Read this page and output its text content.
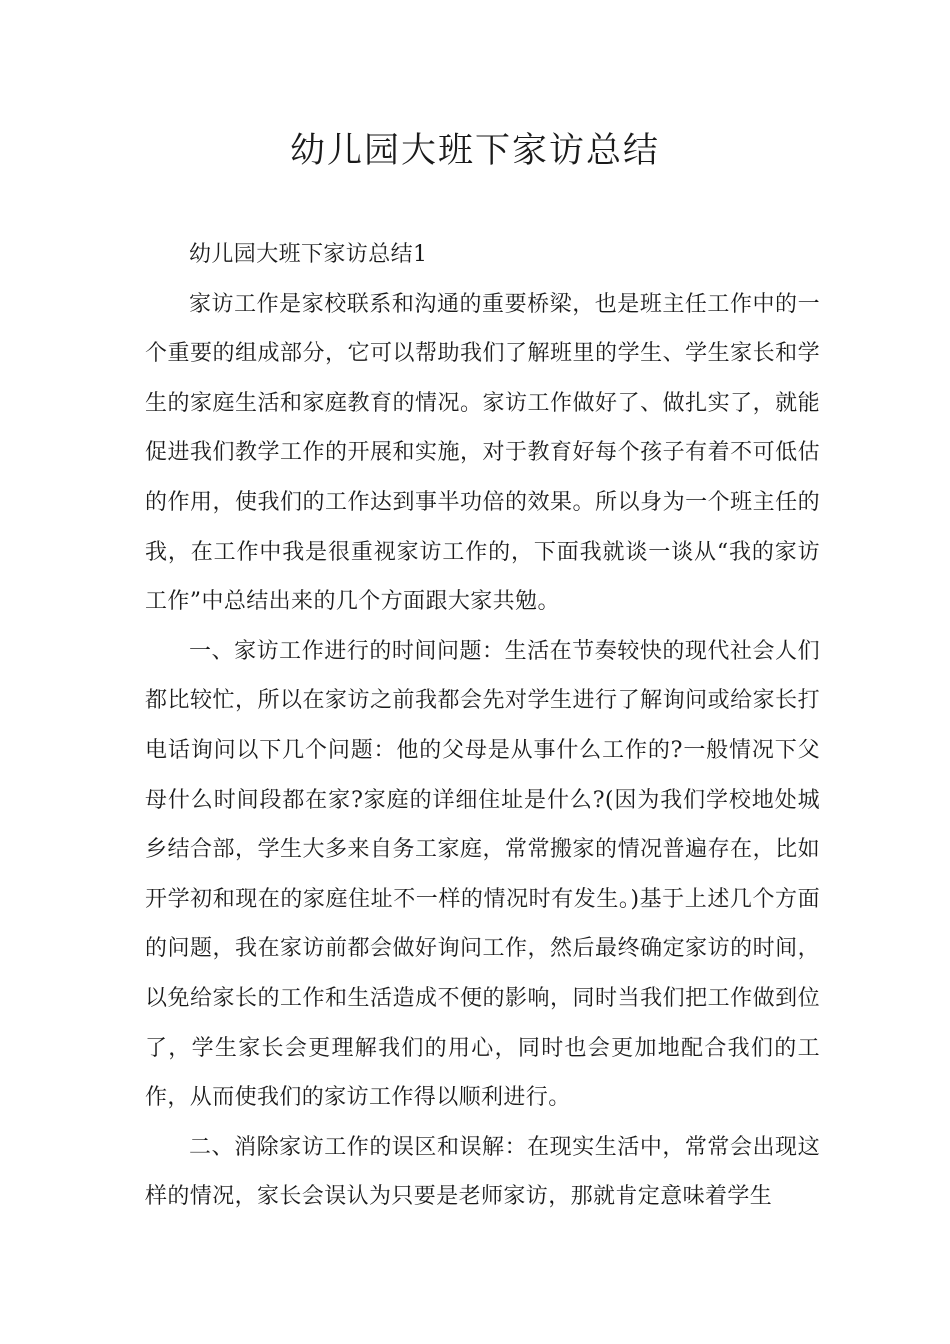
幼儿园大班下家访总结

幼儿园大班下家访总结1

家访工作是家校联系和沟通的重要桥梁，也是班主任工作中的一个重要的组成部分，它可以帮助我们了解班里的学生、学生家长和学生的家庭生活和家庭教育的情况。家访工作做好了、做扎实了，就能促进我们教学工作的开展和实施，对于教育好每个孩子有着不可低估的作用，使我们的工作达到事半功倍的效果。所以身为一个班主任的我，在工作中我是很重视家访工作的，下面我就谈一谈从“我的家访工作”中总结出来的几个方面跟大家共勉。

一、家访工作进行的时间问题：生活在节奏较快的现代社会人们都比较忙，所以在家访之前我都会先对学生进行了解询问或给家长打电话询问以下几个问题：他的父母是从事什么工作的?一般情况下父母什么时间段都在家?家庭的详细住址是什么?(因为我们学校地处城乡结合部，学生大多来自务工家庭，常常搬家的情况普遍存在，比如开学初和现在的家庭住址不一样的情况时有发生。)基于上述几个方面的问题，我在家访前都会做好询问工作，然后最终确定家访的时间，以免给家长的工作和生活造成不便的影响，同时当我们把工作做到位了，学生家长会更理解我们的用心，同时也会更加地配合我们的工作，从而使我们的家访工作得以顺利进行。

二、消除家访工作的误区和误解：在现实生活中，常常会出现这样的情况，家长会误认为只要是老师家访，那就肯定意味着学生
